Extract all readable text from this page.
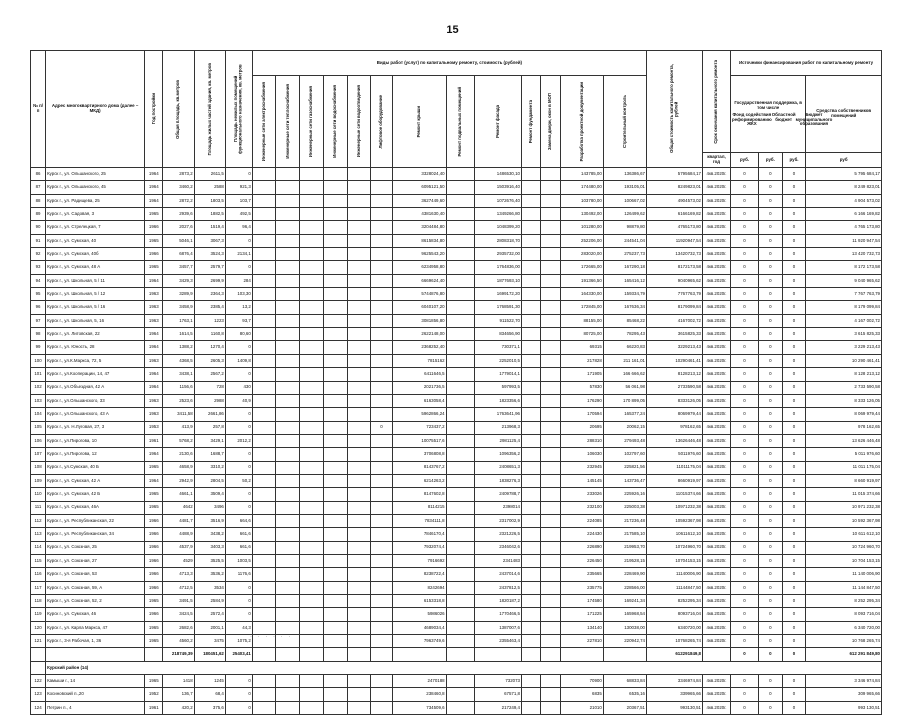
15
№ п/п	Адрес многоквартирного дома (далее – МКД)	Год постройки	Общая площадь, кв.метров	Площадь жилых частей здания, кв. метров	Площадь нежилых помещений функционального назначения, кв. метров	Виды работ (услуг) по капитальному ремонту, стоимость (рублей)													Общая стоимость капитального ремонта, рублей	Срок окончания капитального ремонта	Источники финансирования работ по капитальному ремонту			

						Инженерные сети электроснабжения	Инженерные сети теплоснабжения	Инженерные сети газоснабжения	Инженерные сети водоснабжения	Инженерные сети водоотведения	Лифтовое оборудование	Ремонт крыши	Ремонт подвальных помещений	Ремонт фасада	Ремонт фундамента	Замена двери, окон в МОП	Разработка проектной документации	Строительный контроль			Государственная поддержка, в том числе
Фонд содействия реформированию ЖКХ
Областной бюджет
Бюджет муниципального образования			Средства собственников помещений
																				квартал, год	руб.	руб.	руб.	руб
86	Курск г., ул. Ольшанского, 25	1964	2873,2	2611,5	0							3328024,40		1486530,10			143785,00	136386,67	5795684,17	4кв.2020г.	0	0	0	5 795 684,17
87	Курск г., ул. Ольшанского, 45	1964	3460,2	2588	921,3							6095121,50		1503916,40			174480,00	193105,01	8249823,01	4кв.2020г.	0	0	0	8 249 823,01
88	Курск г., ул. Радищева, 25	1964	2872,2	1803,5	103,7							3627449,60		1072676,40			103780,00	100667,02	4904573,02	4кв.2020г.	0	0	0	4 904 573,02
89	Курск г., ул. Садовая, 3	1965	2939,6	1882,5	492,5							4381630,40		1349266,80			130492,00	126499,62	6166169,82	4кв.2020г.	0	0	0	6 166 169,82
90	Курск г., ул. Стрелецкая, 7	1966	2027,6	1519,4	96,4							3204484,80		1048399,20			101280,00	98879,80	4765173,80	4кв.2020г.	0	0	0	4 765 173,80
91	Курск г., ул. Сумская, 40	1965	5046,1	3067,3	0							8615834,80		2808318,70			252206,00	244541,04	11920947,54	4кв.2020г.	0	0	0	11 920 947,54
92	Курск г., ул. Сумская, 40б	1966	6876,4	3524,3	2134,1							9625543,20		2935732,00			283020,00	275237,73	13420732,73	4кв.2020г.	0	0	0	13 420 732,73
93	Курск г., ул. Сумская, 48 А	1965	3457,7	2579,7	0							6234958,80		1764836,00			172665,00	167290,18	8172173,58	4кв.2020г.	0	0	0	8 172 173,58
94	Курск г., ул. Школьная, 5 / 11	1964	3429,3	2699,9	284							6669624,40		1877693,10			191366,50	165416,12	9040965,62	4кв.2020г.	0	0	0	9 040 965,62
95	Курск г., ул. Школьная, 5 / 12	1963	3289,9	2364,3	103,30							5744876,80		1699172,20			164330,00	159334,79	7767763,79	4кв.2020г.	0	0	0	7 767 763,79
96	Курск г., ул. Школьная, 5 / 16	1963	3458,9	2385,4	13,2							6040107,20		1768591,30			172845,00	167636,34	8179099,84	4кв.2020г.	0	0	0	8 179 099,84
97	Курск г., ул. Школьная, 5, 16	1963	1763,1	1223	93,7							3081856,80		911522,70			88155,00	85468,22	4167002,72	4кв.2020г.	0	0	0	4 167 002,72
98	Курск г., ул. Литовская, 22	1964	1614,5	1160,8	80,60							2622148,00		834656,90			80725,00	78295,43	3615825,33	4кв.2020г.	0	0	0	3 615 825,33
99	Курск г., ул. Юность, 28	1964	1388,2	1270,4	0							2368252,40		730371,1			69315	66220,83	3229213,43	4кв.2020г.	0	0	0	3 229 213,43
100	Курск г., ул.К.Маркса, 72, 5	1963	4368,5	2605,3	1409,8							7815162		2252010,5			217828	211 161,01	10290461,41	4кв.2020г.	0	0	0	10 290 461,41
101	Курск г., ул.Кооперации, 14, 47	1964	3438,1	2567,2	0							6411646,5		1779014,1			171905	166 666,62	8128213,12	4кв.2020г.	0	0	0	8 128 213,12
102	Курск г., ул.Объездная, 42 А	1964	1156,6	728	430							2021736,5		597993,5			57830	56 061,98	2733590,58	4кв.2020г.	0	0	0	2 733 590,58
103	Курск г., ул.Ольшанского, 33	1963	2523,6	2988	40,9							6163058,4		1823356,6			176290	170 899,05	8333126,05	4кв.2020г.	0	0	0	8 333 126,05
104	Курск г., ул.Ольшанского, 43 А	1963	3411,58	2661,86	0							5962866,24		1763641,96			170594	165377,24	8069979,44	4кв.2020г.	0	0	0	8 069 979,44
105	Курск г., ул. Н.Луговая, 27, 3	1953	413,9	257,8	0						0	723437,2		213968,3			20695	20062,15	978162,65	4кв.2020г.	0	0	0	978 162,65
106	Курск г., ул.Пирогова, 10	1961	5768,2	3429,1	2012,2							10075517,6		2981125,4			288310	279493,48	13626446,48	4кв.2020г.	0	0	0	13 626 446,48
107	Курск г., ул.Пирогова, 12	1964	2130,6	1688,7	0							3706808,8		1096356,2			106030	102797,60	5011976,60	4кв.2020г.	0	0	0	5 011 976,60
108	Курск г., ул.Сумская, 40 Б	1965	4658,9	3310,2	0							8143767,2		2408651,3			232945	225821,56	11011175,04	4кв.2020г.	0	0	0	11 011 175,04
109	Курск г., ул. Сумская, 42 А	1964	2942,9	2804,5	50,2							6214263,2		1838276,3			145145	143736,47	8660919,97	4кв.2020г.	0	0	0	8 660 919,97
110	Курск г., ул. Сумская, 42 Б	1965	4661,1	3509,4	0							8147602,8		2409788,7			233026	225926,16	11015374,66	4кв.2020г.	0	0	0	11 015 374,66
111	Курск г., ул. Сумская, 46А	1965	4642	3496	0							8114215		2398014			232100	225003,38	10971232,38	4кв.2020г.	0	0	0	10 971 232,38
112	Курск г., ул. Республиканская, 22	1966	4481,7	3516,9	664,6							7834111,8		2317002,9			224085	217236,48	10592367,98	4кв.2020г.	0	0	0	10 592 367,98
113	Курск г., ул. Республиканская, 34	1966	4488,9	3438,2	661,6							7846170,4		2321226,5			224430	217585,10	10611612,10	4кв.2020г.	0	0	0	10 611 612,10
114	Курск г., ул. Союзная, 25	1966	4537,9	3403,3	661,6							7932074,4		2346042,6			226890	219953,70	10724960,70	4кв.2020г.	0	0	0	10 724 960,70
115	Курск г., ул. Союзная, 27	1966	4529	3525,5	1003,5							7916692		2341483			226450	219528,15	10704153,15	4кв.2020г.	0	0	0	10 704 153,15
116	Курск г., ул. Союзная, 53	1966	4713,3	3536,2	1176,6							8238722,4		2437014,6			235665	228469,90	11140006,90	4кв.2020г.	0	0	0	11 140 006,90
117	Курск г., ул. Союзная, 59, А	1966	4712,5	3534	0							8242694		2437812,5			235775	228566,00	11144847,50	4кв.2020г.	0	0	0	11 144 847,50
118	Курск г., ул. Союзная, 52, 2	1965	3491,5	2584,9	0							6153318,8		1820187,2			174580	169241,34	8252295,34	4кв.2020г.	0	0	0	8 252 295,34
119	Курск г., ул. Сумская, 46	1966	3424,5	2572,4	0							5986026		1770466,5			171225	165968,54	8093716,04	4кв.2020г.	0	0	0	8 093 716,04
120	Курск г., ул. Карла Маркса, 47	1965	2682,6	2001,1	44,3							4689034,4		1387007,6			134140	130038,00	6340720,00	4кв.2020г.	0	0	0	6 340 720,00
121	Курск г., 3-я Рабочая, 1, 36	1965	4560,2	3475	1075,2							7963749,6		2355463,4			227810	220942,74	10768265,74	4кв.2020г.	0	0	0	10 768 265,74
			218749,39	180451,62	25403,41														612291849,8		0	0	0	612 291 849,80
	Курский район (14)																							
122	Камыши г., 14	1965	1418	1245	0							2470188		732073			70900	68833,84	3346974,84	4кв.2020г.	0	0	0	3 346 974,84
123	Косиновский п.,20	1952	136,7	68,4	0							238460,8		67571,8			6835	6535,16	339965,66	4кв.2020г.	0	0	0	309 965,66
124	Петрин п., 4	1961	420,2	375,6	0							734509,6		217249,4			21010	20367,51	993130,51	4кв.2020г.	0	0	0	993 130,51
· · · · · ·
